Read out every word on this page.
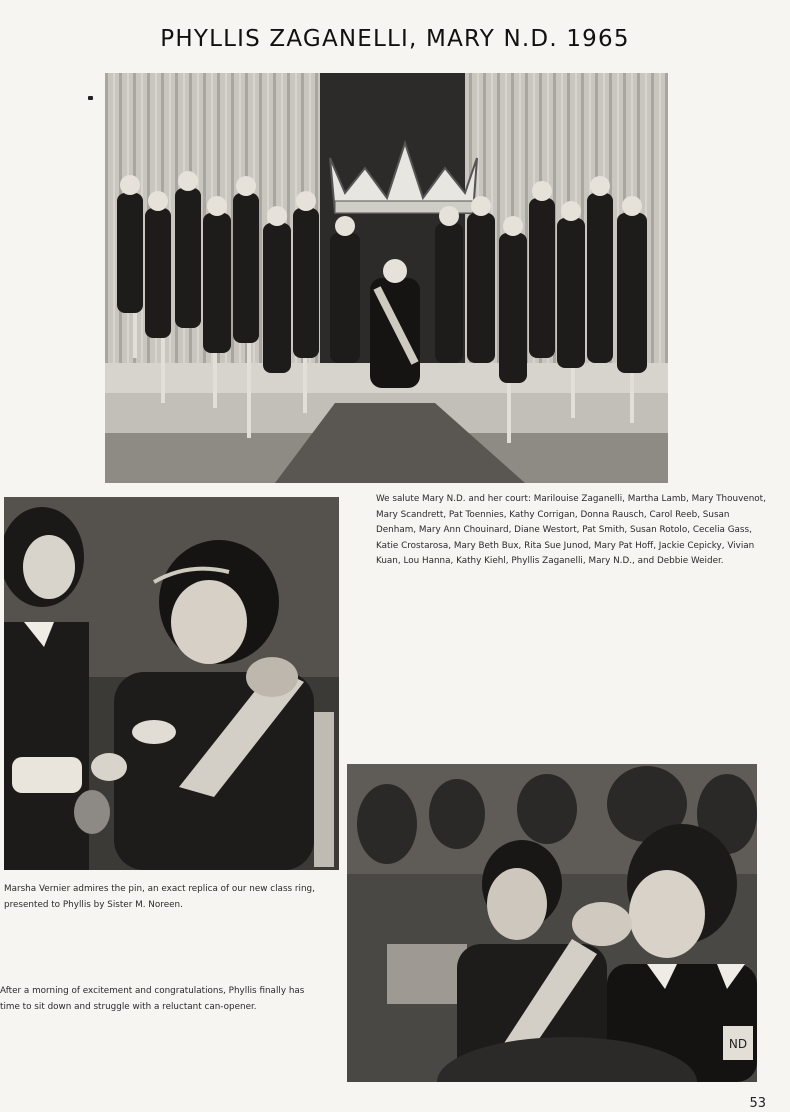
PHYLLIS ZAGANELLI, MARY N.D. 1965
We salute Mary N.D. and her court: Marilouise Zaganelli, Martha Lamb, Mary Thouvenot, Mary Scandrett, Pat Toennies, Kathy Corrigan, Donna Rausch, Carol Reeb, Susan Denham, Mary Ann Chouinard, Diane Westort, Pat Smith, Susan Rotolo, Cecelia Gass, Katie Crostarosa, Mary Beth Bux, Rita Sue Junod, Mary Pat Hoff, Jackie Cepicky, Vivian Kuan, Lou Hanna, Kathy Kiehl, Phyllis Zaganelli, Mary N.D., and Debbie Weider.
Marsha Vernier admires the pin, an exact replica of our new class ring, presented to Phyllis by Sister M. Noreen.
After a morning of excitement and congratulations, Phyllis finally has time to sit down and struggle with a reluctant can-opener.
ND
53
